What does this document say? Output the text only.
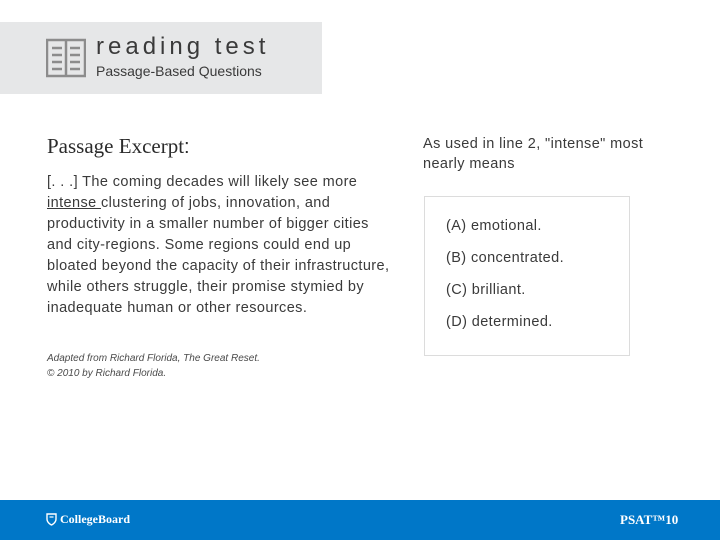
reading test
Passage-Based Questions
Passage Excerpt:

[. . .] The coming decades will likely see more intense clustering of jobs, innovation, and productivity in a smaller number of bigger cities and city-regions. Some regions could end up bloated beyond the capacity of their infrastructure, while others struggle, their promise stymied by inadequate human or other resources.

Adapted from Richard Florida, The Great Reset.
© 2010 by Richard Florida.

As used in line 2, "intense" most nearly means

(A) emotional.
(B) concentrated.
(C) brilliant.
(D) determined.
CollegeBoard	PSAT™10
